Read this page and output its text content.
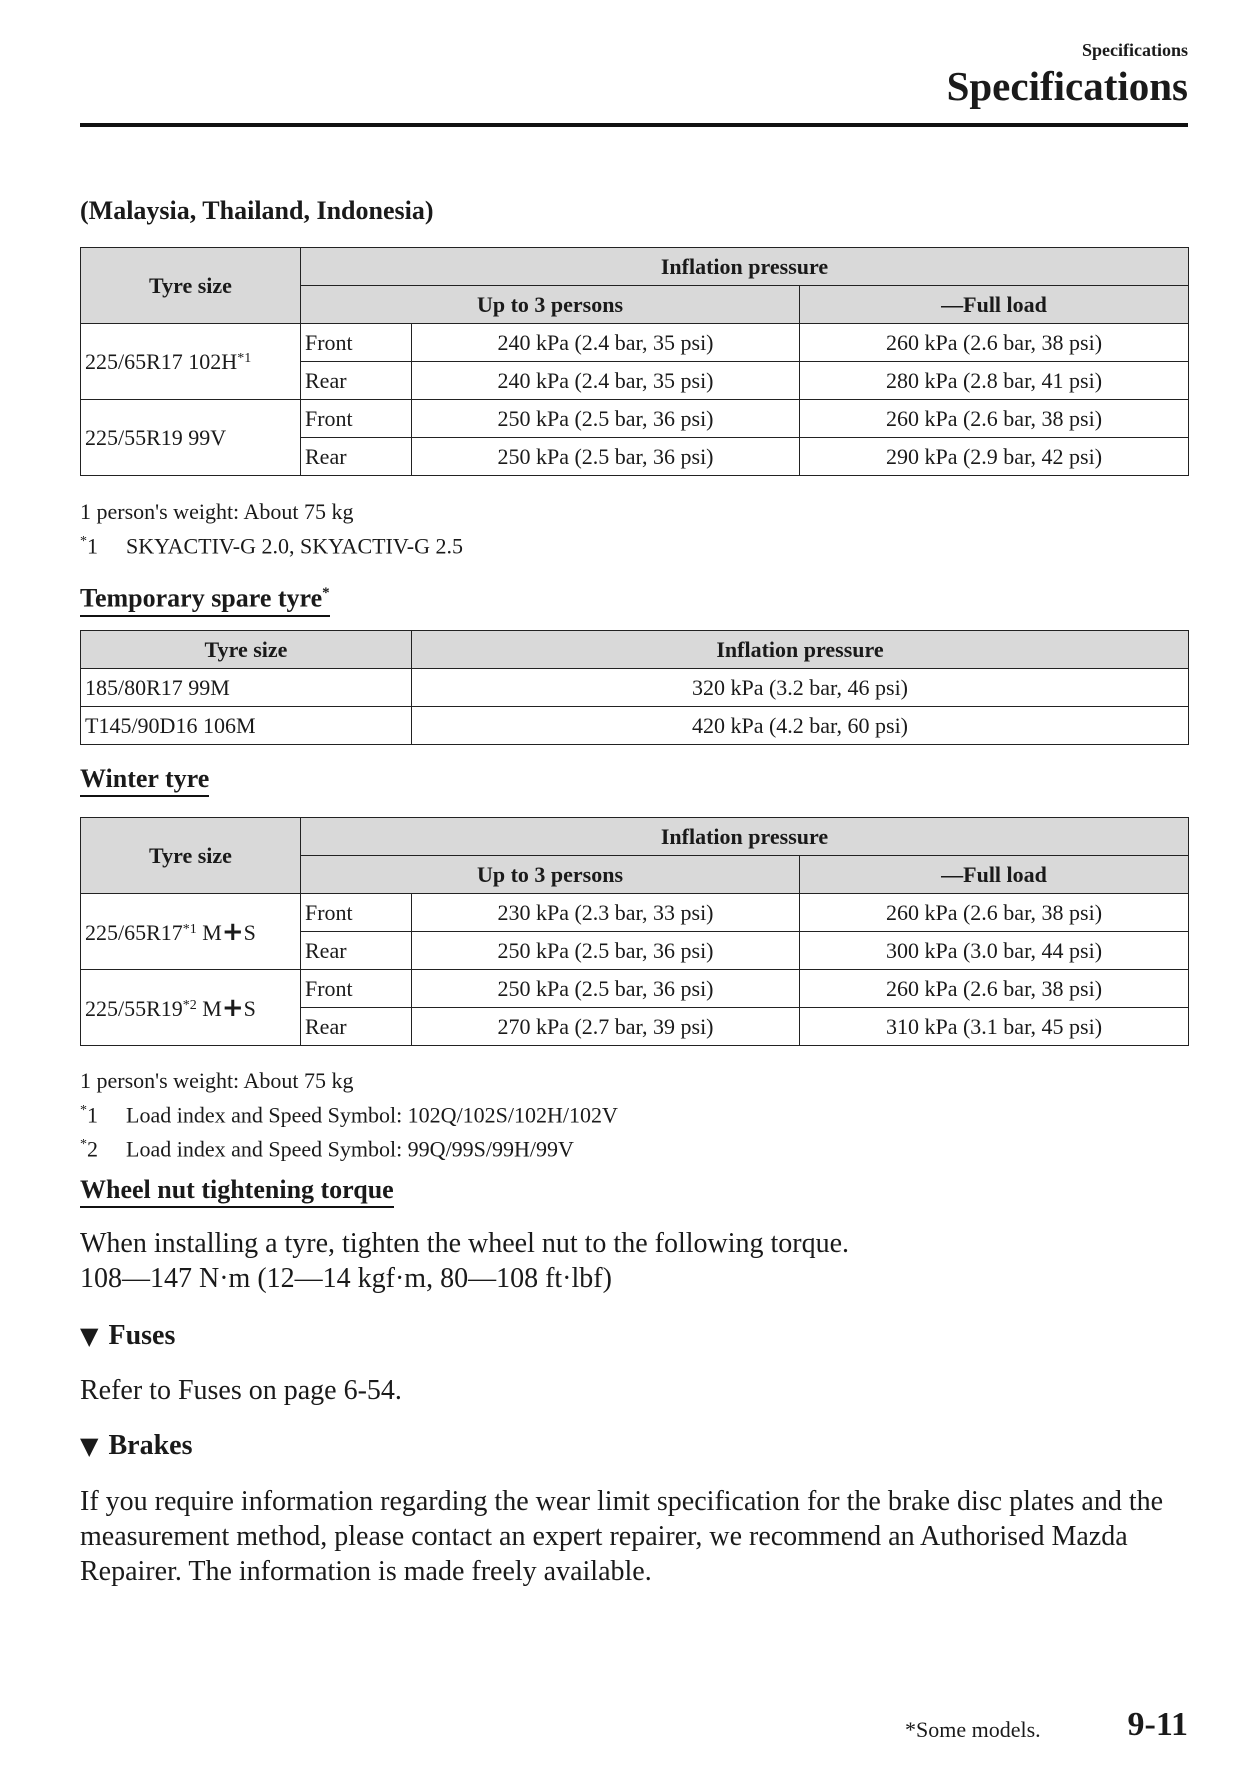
Specifications
Specifications
(Malaysia, Thailand, Indonesia)
Tyre size	Inflation pressure		
	Up to 3 persons		—Full load
225/65R17 $102H^{*1}$	Front	240 kPa (2.4 bar, 35 psi)	260 kPa (2.6 bar, 38 psi)
	Rear	240 kPa (2.4 bar, 35 psi)	280 kPa (2.8 bar, 41 psi)
225/55R19 99V	Front	250 kPa (2.5 bar, 36 psi)	260 kPa (2.6 bar, 38 psi)
	Rear	250 kPa (2.5 bar, 36 psi)	290 kPa (2.9 bar, 42 psi)
1 person's weight: About 75 kg
*1 SKYACTIV-G 2.0, SKYACTIV-G 2.5
Temporary spare tyre*
Tyre size	Inflation pressure
185/80R17 99M	320 kPa (3.2 bar, 46 psi)
T145/90D16 106M	420 kPa (4.2 bar, 60 psi)
Winter tyre
Tyre size	Inflation pressure		
	Up to 3 persons		—Full load
225/65R17$^{*1}$ M+S	Front	230 kPa (2.3 bar, 33 psi)	260 kPa (2.6 bar, 38 psi)
	Rear	250 kPa (2.5 bar, 36 psi)	300 kPa (3.0 bar, 44 psi)
225/55R19$^{*2}$ M+S	Front	250 kPa (2.5 bar, 36 psi)	260 kPa (2.6 bar, 38 psi)
	Rear	270 kPa (2.7 bar, 39 psi)	310 kPa (3.1 bar, 45 psi)
1 person's weight: About 75 kg
*1 Load index and Speed Symbol: 102Q/102S/102H/102V
*2 Load index and Speed Symbol: 99Q/99S/99H/99V
Wheel nut tightening torque
When installing a tyre, tighten the wheel nut to the following torque.
108—147 N·m (12—14 kgf·m, 80—108 ft·lbf)
▼ Fuses
Refer to Fuses on page 6-54.
▼ Brakes
If you require information regarding the wear limit specification for the brake disc plates and the measurement method, please contact an expert repairer, we recommend an Authorised Mazda Repairer. The information is made freely available.
*Some models.	9-11
